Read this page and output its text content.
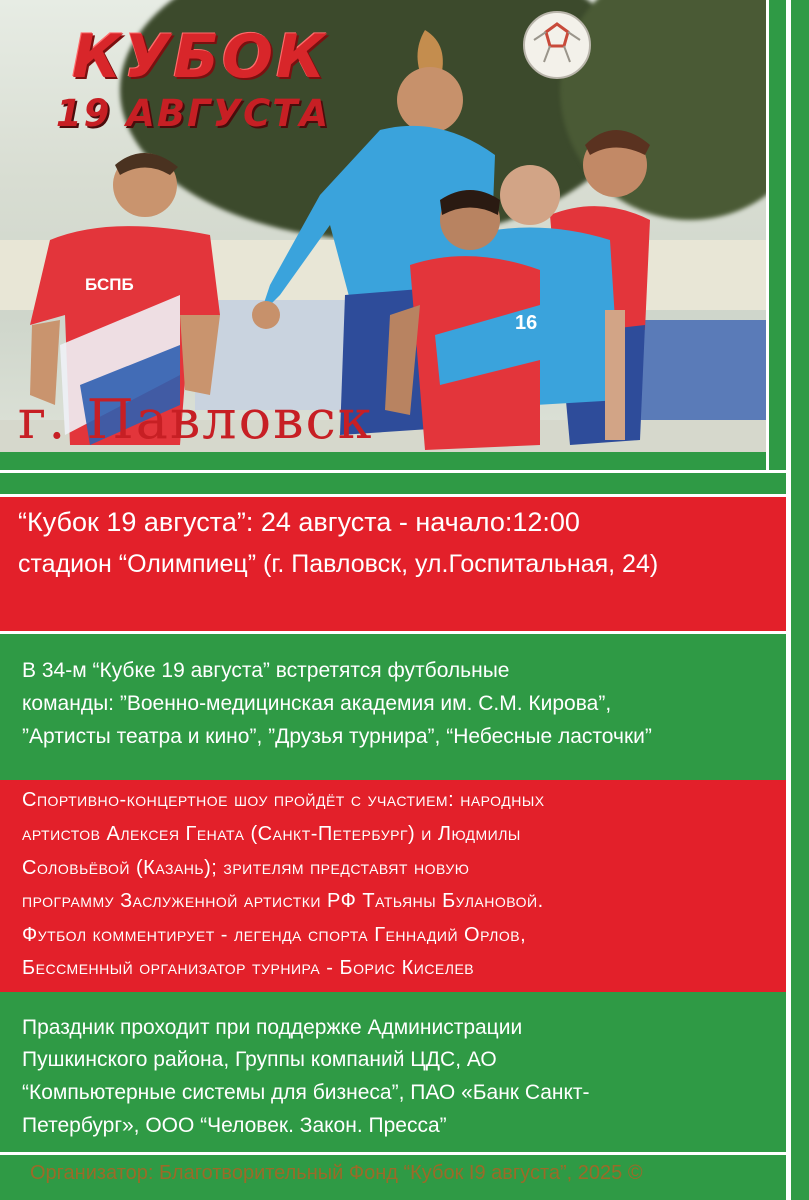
БСПБ
16
КУБОК
19 АВГУСТА
г. Павловск
“Кубок 19 августа”: 24 августа - начало:12:00
стадион “Олимпиец” (г. Павловск, ул.Госпитальная, 24)
В 34-м “Кубке 19 августа” встретятся футбольные
команды: ”Военно-медицинская академия им. С.М. Кирова”,
”Артисты театра и кино”, ”Друзья турнира”, “Небесные ласточки”
Спортивно-концертное шоу пройдёт с участием: народных
артистов Алексея Гената (Санкт-Петербург) и Людмилы
Соловьёвой (Казань); зрителям представят новую
программу Заслуженной артистки РФ Татьяны Булановой.
Футбол комментирует - легенда спорта Геннадий Орлов,
Бессменный организатор турнира - Борис Киселев
Праздник проходит при поддержке Администрации
Пушкинского района, Группы компаний ЦДС, АО
“Компьютерные системы для бизнеса”, ПАО «Банк Санкт-
Петербург», ООО “Человек. Закон. Пресса”
Организатор: Благотворительный Фонд “Кубок I9 августа”, 2025 ©
